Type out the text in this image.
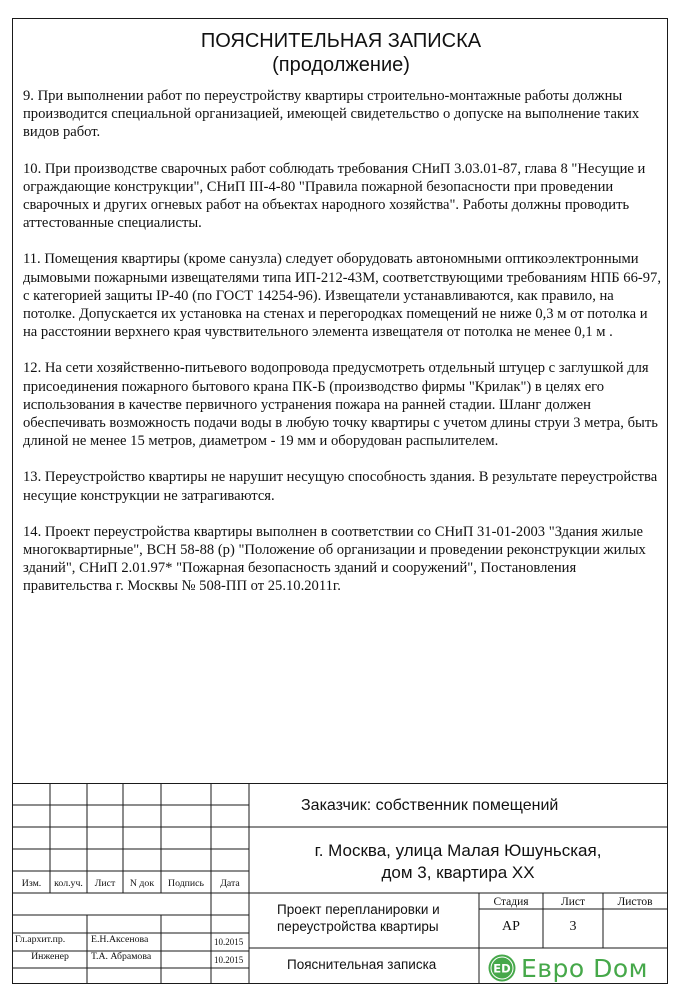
ПОЯСНИТЕЛЬНАЯ ЗАПИСКА
(продолжение)

9. При выполнении работ по переустройству квартиры строительно-монтажные работы должны производится специальной организацией, имеющей свидетельство о допуске на выполнение таких видов работ.

10. При производстве сварочных работ соблюдать требования СНиП 3.03.01-87, глава 8 "Несущие и ограждающие конструкции", СНиП III-4-80 "Правила пожарной безопасности при проведении сварочных и других огневых работ на объектах народного хозяйства". Работы должны проводить аттестованные специалисты.

11. Помещения квартиры (кроме санузла) следует оборудовать автономными оптикоэлектронными дымовыми пожарными извещателями типа ИП-212-43М, соответствующими требованиям НПБ 66-97, с категорией защиты IP-40 (по ГОСТ 14254-96). Извещатели устанавливаются, как правило, на потолке. Допускается их установка на стенах и перегородках помещений не ниже 0,3 м от потолка и на расстоянии верхнего края чувствительного элемента извещателя от потолка не менее 0,1 м .

12. На сети хозяйственно-питьевого водопровода предусмотреть отдельный штуцер с заглушкой для присоединения пожарного бытового крана ПК-Б (производство фирмы "Крилак") в целях его использования в качестве первичного устранения пожара на ранней стадии. Шланг должен обеспечивать возможность подачи воды в любую точку квартиры с учетом длины струи 3 метра, быть длиной не менее 15 метров, диаметром - 19 мм и оборудован распылителем.

13. Переустройство квартиры не нарушит несущую способность здания. В результате переустройства несущие конструкции не затрагиваются.

14. Проект переустройства квартиры выполнен в соответствии со СНиП 31-01-2003 "Здания жилые многоквартирные", ВСН 58-88 (р) "Положение об организации и проведении реконструкции жилых зданий", СНиП 2.01.97* "Пожарная безопасность зданий и сооружений", Постановления правительства г. Москвы № 508-ПП от 25.10.2011г.

Изм.	кол.уч.	Лист	N док	Подпись	Дата
Гл.архит.пр.	Е.Н.Аксенова	10.2015
Инженер	Т.А. Абрамова	10.2015
Заказчик: собственник помещений
г. Москва, улица Малая Юшуньская,
дом 3, квартира XX
Проект перепланировки и переустройства квартиры
Стадия	Лист	Листов
АР	3
Пояснительная записка	ED Евро Dом
